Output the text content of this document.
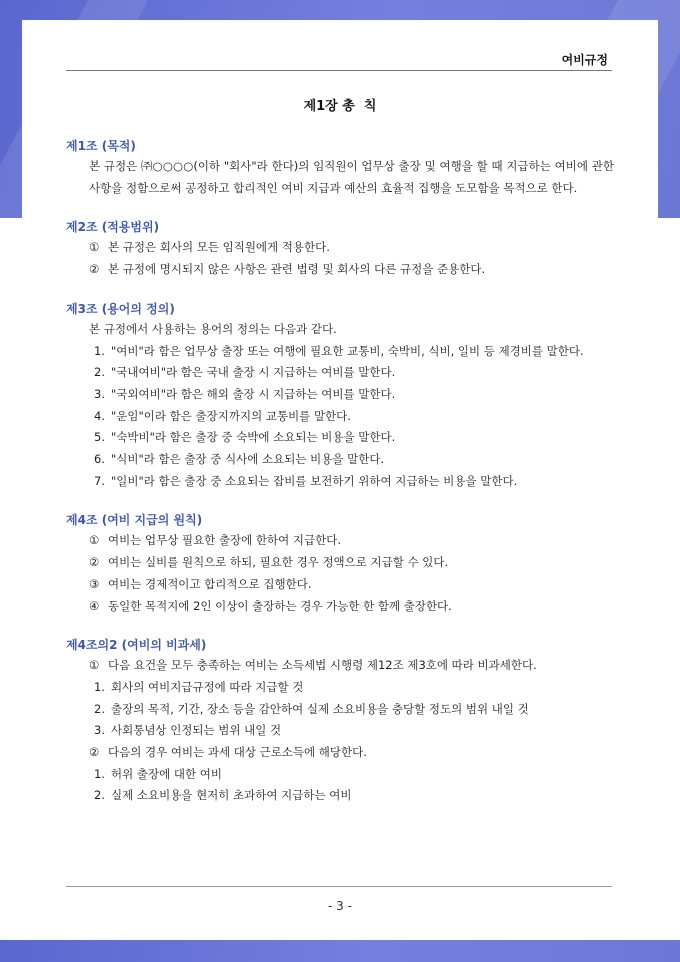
여비규정
제1장 총  칙
제1조 (목적)
본 규정은 ㈜○○○○(이하 "회사"라 한다)의 임직원이 업무상 출장 및 여행을 할 때 지급하는 여비에 관한 사항을 정함으로써 공정하고 합리적인 여비 지급과 예산의 효율적 집행을 도모함을 목적으로 한다.
제2조 (적용범위)
① 본 규정은 회사의 모든 임직원에게 적용한다.
② 본 규정에 명시되지 않은 사항은 관련 법령 및 회사의 다른 규정을 준용한다.
제3조 (용어의 정의)
본 규정에서 사용하는 용어의 정의는 다음과 같다.
1. "여비"라 함은 업무상 출장 또는 여행에 필요한 교통비, 숙박비, 식비, 일비 등 제경비를 말한다.
2. "국내여비"라 함은 국내 출장 시 지급하는 여비를 말한다.
3. "국외여비"라 함은 해외 출장 시 지급하는 여비를 말한다.
4. "운임"이라 함은 출장지까지의 교통비를 말한다.
5. "숙박비"라 함은 출장 중 숙박에 소요되는 비용을 말한다.
6. "식비"라 함은 출장 중 식사에 소요되는 비용을 말한다.
7. "일비"라 함은 출장 중 소요되는 잡비를 보전하기 위하여 지급하는 비용을 말한다.
제4조 (여비 지급의 원칙)
① 여비는 업무상 필요한 출장에 한하여 지급한다.
② 여비는 실비를 원칙으로 하되, 필요한 경우 정액으로 지급할 수 있다.
③ 여비는 경제적이고 합리적으로 집행한다.
④ 동일한 목적지에 2인 이상이 출장하는 경우 가능한 한 함께 출장한다.
제4조의2 (여비의 비과세)
① 다음 요건을 모두 충족하는 여비는 소득세법 시행령 제12조 제3호에 따라 비과세한다.
1. 회사의 여비지급규정에 따라 지급할 것
2. 출장의 목적, 기간, 장소 등을 감안하여 실제 소요비용을 충당할 정도의 범위 내일 것
3. 사회통념상 인정되는 범위 내일 것
② 다음의 경우 여비는 과세 대상 근로소득에 해당한다.
1. 허위 출장에 대한 여비
2. 실제 소요비용을 현저히 초과하여 지급하는 여비
- 3 -
